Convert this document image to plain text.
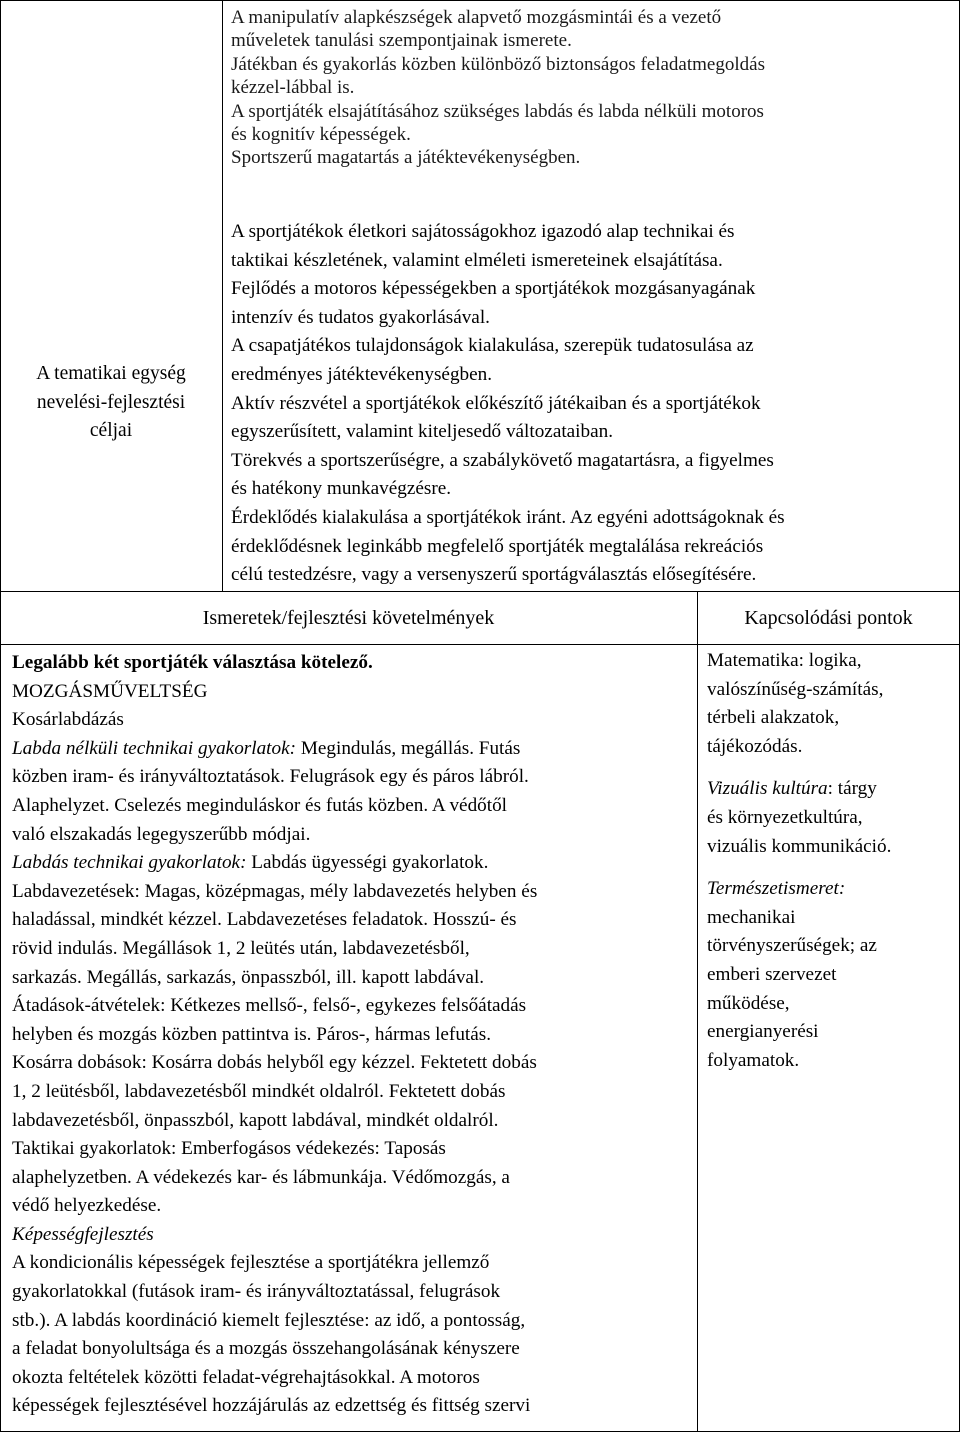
A tematikai egység
nevelési-fejlesztési
céljai
A manipulatív alapkészségek alapvető mozgásmintái és a vezető
műveletek tanulási szempontjainak ismerete.
Játékban és gyakorlás közben különböző biztonságos feladatmegoldás
kézzel-lábbal is.
A sportjáték elsajátításához szükséges labdás és labda nélküli motoros
és kognitív képességek.
Sportszerű magatartás a játéktevékenységben.
A sportjátékok életkori sajátosságokhoz igazodó alap technikai és
taktikai készletének, valamint elméleti ismereteinek elsajátítása.
Fejlődés a motoros képességekben a sportjátékok mozgásanyagának
intenzív és tudatos gyakorlásával.
A csapatjátékos tulajdonságok kialakulása, szerepük tudatosulása az
eredményes játéktevékenységben.
Aktív részvétel a sportjátékok előkészítő játékaiban és a sportjátékok
egyszerűsített, valamint kiteljesedő változataiban.
Törekvés a sportszerűségre, a szabálykövető magatartásra, a figyelmes
és hatékony munkavégzésre.
Érdeklődés kialakulása a sportjátékok iránt. Az egyéni adottságoknak és
érdeklődésnek leginkább megfelelő sportjáték megtalálása rekreációs
célú testedzésre, vagy a versenyszerű sportágválasztás elősegítésére.
Ismeretek/fejlesztési követelmények	Kapcsolódási pontok
Legalább két sportjáték választása kötelező.
MOZGÁSMŰVELTSÉG
Kosárlabdázás
Labda nélküli technikai gyakorlatok: Megindulás, megállás. Futás
közben iram- és irányváltoztatások. Felugrások egy és páros lábról.
Alaphelyzet. Cselezés meginduláskor és futás közben. A védőtől
való elszakadás legegyszerűbb módjai.
Labdás technikai gyakorlatok: Labdás ügyességi gyakorlatok.
Labdavezetések: Magas, középmagas, mély labdavezetés helyben és
haladással, mindkét kézzel. Labdavezetéses feladatok. Hosszú- és
rövid indulás. Megállások 1, 2 leütés után, labdavezetésből,
sarkazás. Megállás, sarkazás, önpasszból, ill. kapott labdával.
Átadások-átvételek: Kétkezes mellső-, felső-, egykezes felsőátadás
helyben és mozgás közben pattintva is. Páros-, hármas lefutás.
Kosárra dobások: Kosárra dobás helyből egy kézzel. Fektetett dobás
1, 2 leütésből, labdavezetésből mindkét oldalról. Fektetett dobás
labdavezetésből, önpasszból, kapott labdával, mindkét oldalról.
Taktikai gyakorlatok: Emberfogásos védekezés: Taposás
alaphelyzetben. A védekezés kar- és lábmunkája. Védőmozgás, a
védő helyezkedése.
Képességfejlesztés
A kondicionális képességek fejlesztése a sportjátékra jellemző
gyakorlatokkal (futások iram- és irányváltoztatással, felugrások
stb.). A labdás koordináció kiemelt fejlesztése: az idő, a pontosság,
a feladat bonyolultsága és a mozgás összehangolásának kényszere
okozta feltételek közötti feladat-végrehajtásokkal. A motoros
képességek fejlesztésével hozzájárulás az edzettség és fittség szervi
Matematika: logika,
valószínűség-számítás,
térbeli alakzatok,
tájékozódás.
Vizuális kultúra: tárgy
és környezetkultúra,
vizuális kommunikáció.
Természetismeret:
mechanikai
törvényszerűségek; az
emberi szervezet
működése,
energianyerési
folyamatok.
